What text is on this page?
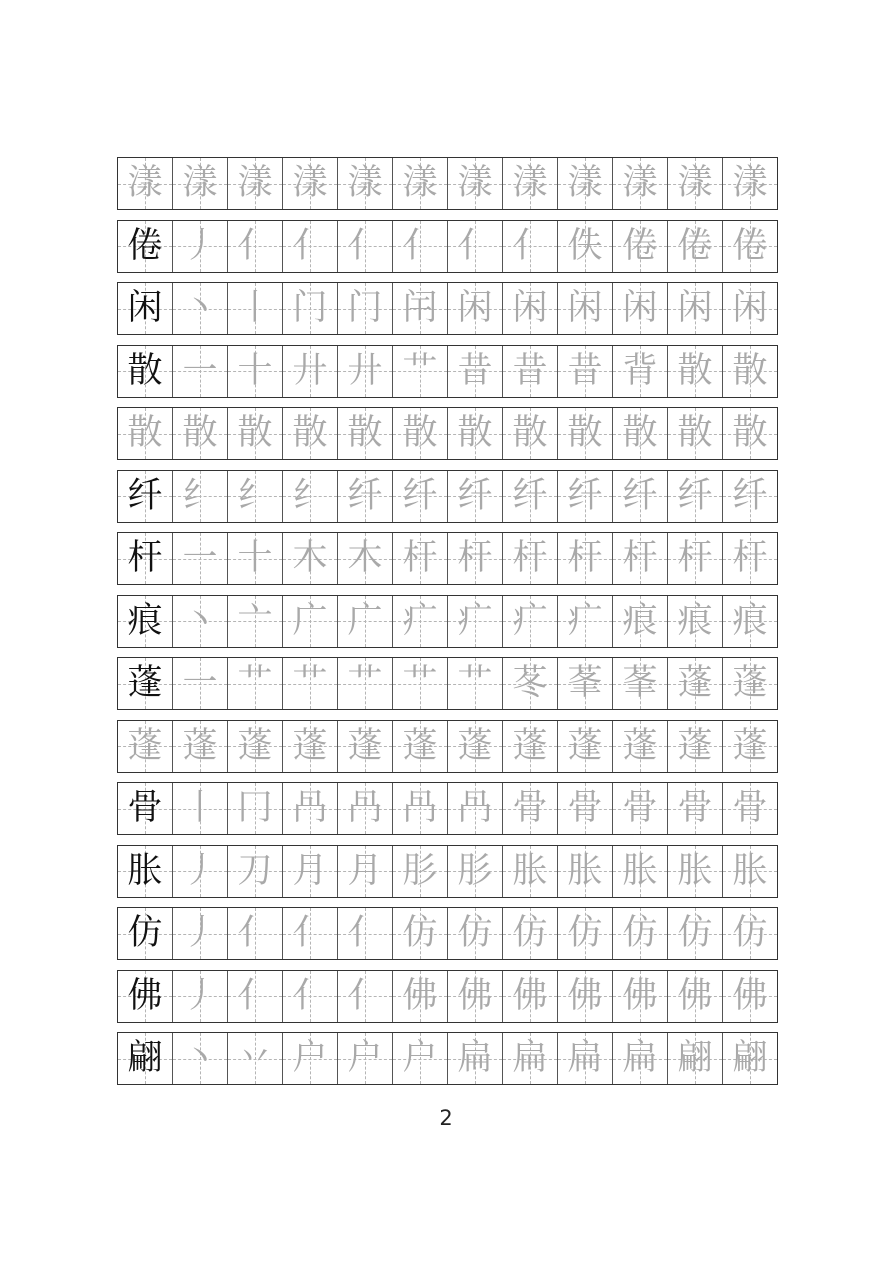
漾 漾 漾 漾 漾 漾 漾 漾 漾 漾 漾 漾
倦 丿 亻 亻 亻 亻 亻 亻 佚 倦 倦 倦
闲 丶 丨 门 门 闬 闲 闲 闲 闲 闲 闲
散 一 十 廾 廾 艹 昔 昔 昔 背 散 散
散 散 散 散 散 散 散 散 散 散 散 散
纤 纟 纟 纟 纤 纤 纤 纤 纤 纤 纤 纤
杆 一 十 木 木 杆 杆 杆 杆 杆 杆 杆
痕 丶 亠 广 广 疒 疒 疒 疒 痕 痕 痕
蓬 一 艹 艹 艹 艹 艹 苳 莑 莑 蓬 蓬
蓬 蓬 蓬 蓬 蓬 蓬 蓬 蓬 蓬 蓬 蓬 蓬
骨 丨 冂 冎 冎 冎 冎 骨 骨 骨 骨 骨
胀 丿 刀 月 月 肜 肜 胀 胀 胀 胀 胀
仿 丿 亻 亻 亻 仿 仿 仿 仿 仿 仿 仿
佛 丿 亻 亻 亻 佛 佛 佛 佛 佛 佛 佛
翩 丶 丷 户 户 户 扁 扁 扁 扁 翩 翩
2
